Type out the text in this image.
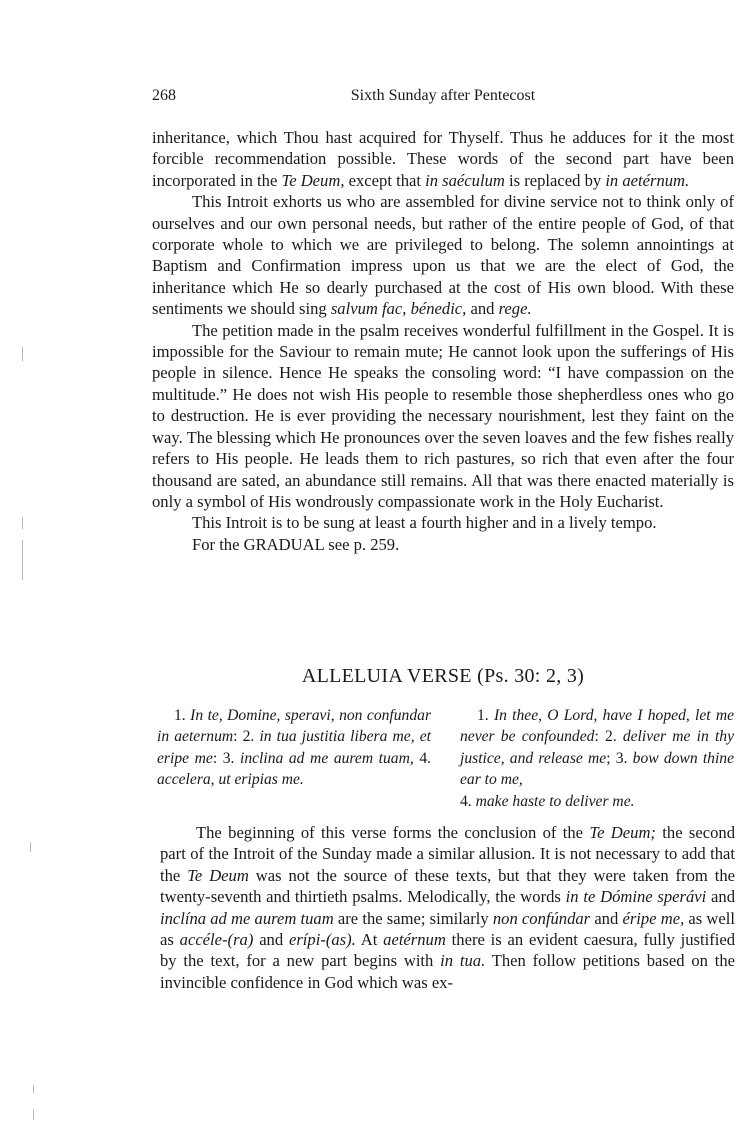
268	Sixth Sunday after Pentecost

inheritance, which Thou hast acquired for Thyself. Thus he adduces for it the most forcible recommendation possible. These words of the second part have been incorporated in the Te Deum, except that in saéculum is replaced by in aetérnum.

This Introit exhorts us who are assembled for divine service not to think only of ourselves and our own personal needs, but rather of the entire people of God, of that corporate whole to which we are privileged to belong. The solemn annointings at Baptism and Confirmation impress upon us that we are the elect of God, the inheritance which He so dearly purchased at the cost of His own blood. With these sentiments we should sing salvum fac, bénedic, and rege.

The petition made in the psalm receives wonderful fulfillment in the Gospel. It is impossible for the Saviour to remain mute; He cannot look upon the sufferings of His people in silence. Hence He speaks the consoling word: “I have compassion on the multitude.” He does not wish His people to resemble those shepherdless ones who go to destruction. He is ever providing the necessary nourishment, lest they faint on the way. The blessing which He pronounces over the seven loaves and the few fishes really refers to His people. He leads them to rich pastures, so rich that even after the four thousand are sated, an abundance still remains. All that was there enacted materially is only a symbol of His wondrously compassionate work in the Holy Eucharist.

This Introit is to be sung at least a fourth higher and in a lively tempo.

For the GRADUAL see p. 259.

ALLELUIA VERSE (Ps. 30: 2, 3)

1. In te, Domine, speravi, non confundar in aeternum: 2. in tua justitia libera me, et eripe me: 3. inclina ad me aurem tuam, 4. accelera, ut eripias me.

1. In thee, O Lord, have I hoped, let me never be confounded: 2. deliver me in thy justice, and release me; 3. bow down thine ear to me,
4. make haste to deliver me.

The beginning of this verse forms the conclusion of the Te Deum; the second part of the Introit of the Sunday made a similar allusion. It is not necessary to add that the Te Deum was not the source of these texts, but that they were taken from the twenty-seventh and thirtieth psalms. Melodically, the words in te Dómine sperávi and inclína ad me aurem tuam are the same; similarly non confúndar and éripe me, as well as accéle-(ra) and erípi-(as). At aetérnum there is an evident caesura, fully justified by the text, for a new part begins with in tua. Then follow petitions based on the invincible confidence in God which was ex-
